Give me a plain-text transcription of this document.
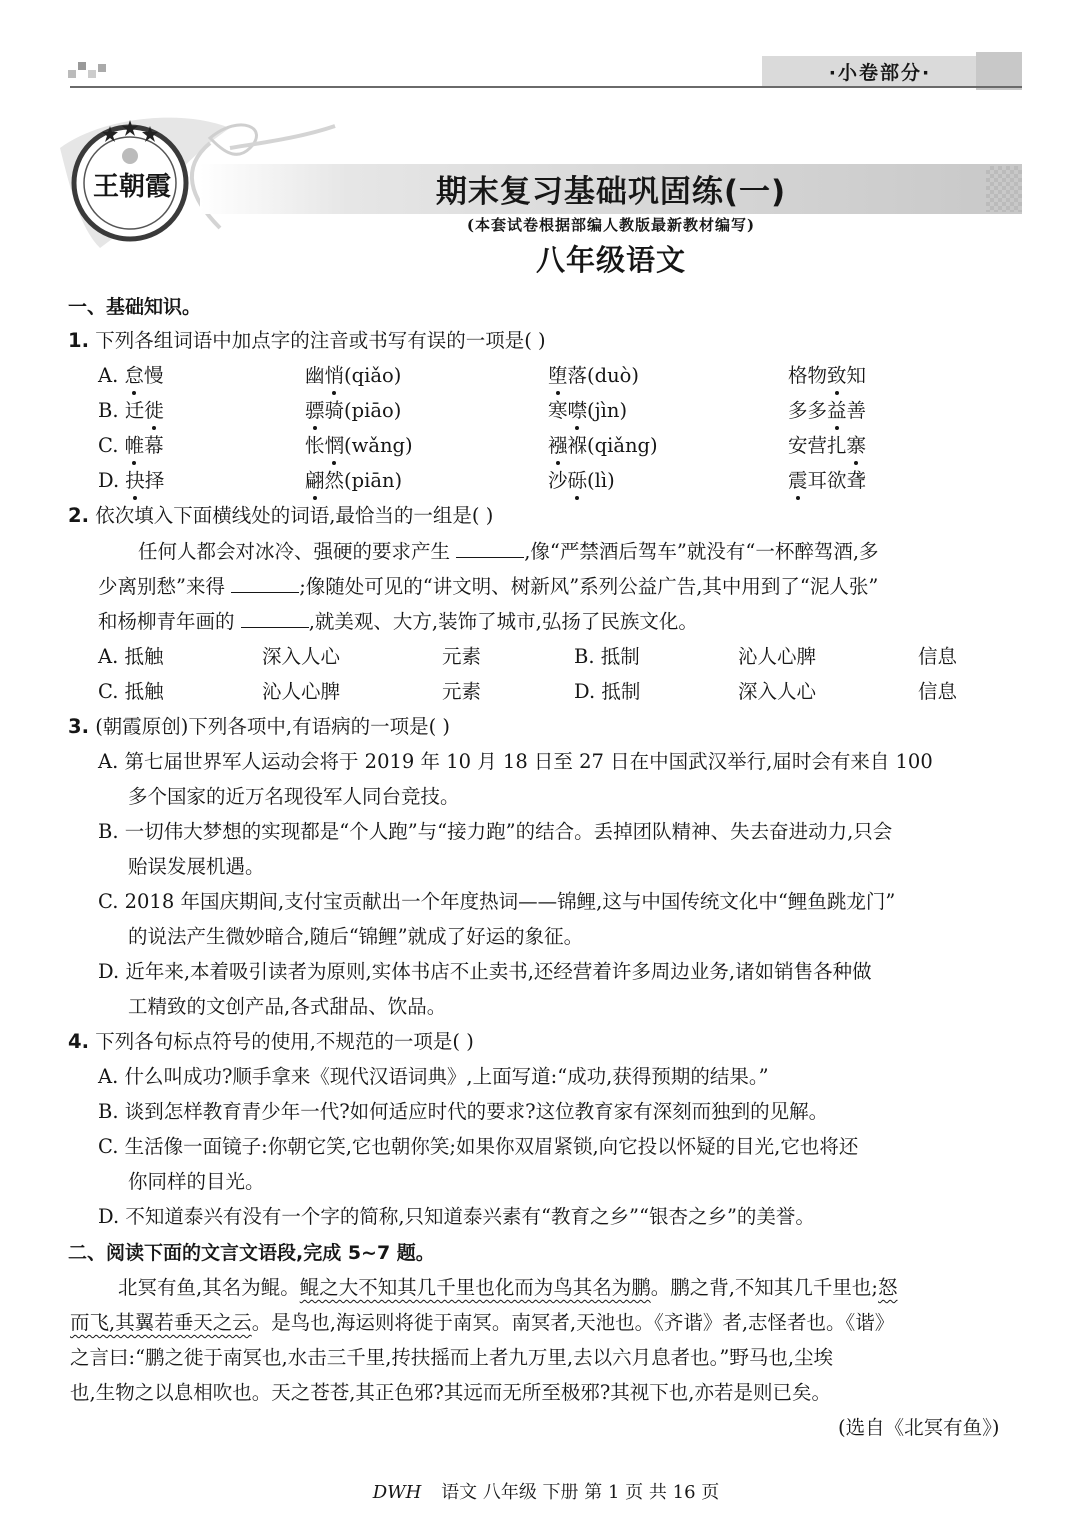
·小卷部分·
王朝霞	期末复习基础巩固练(一)
(本套试卷根据部编人教版最新教材编写)
八年级语文
一、基础知识。
1. 下列各组词语中加点字的注音或书写有误的一项是( )
A. 怠慢	幽悄(qiǎo)	堕落(duò)	格物致知
B. 迁徙	骠骑(piāo)	寒噤(jìn)	多多益善
C. 帷幕	怅惘(wǎng)	襁褓(qiǎng)	安营扎寨
D. 抉择	翩然(piān)	沙砾(lì)	震耳欲聋
2. 依次填入下面横线处的词语,最恰当的一组是( )
任何人都会对冰冷、强硬的要求产生	,像“严禁酒后驾车”就没有“一杯醉驾酒,多
少离别愁”来得	;像随处可见的“讲文明、树新风”系列公益广告,其中用到了“泥人张”
和杨柳青年画的	,就美观、大方,装饰了城市,弘扬了民族文化。
A. 抵触	深入人心	元素	B. 抵制	沁人心脾	信息
C. 抵触	沁人心脾	元素	D. 抵制	深入人心	信息
3. (朝霞原创)下列各项中,有语病的一项是( )
A. 第七届世界军人运动会将于 2019 年 10 月 18 日至 27 日在中国武汉举行,届时会有来自 100
多个国家的近万名现役军人同台竞技。
B. 一切伟大梦想的实现都是“个人跑”与“接力跑”的结合。丢掉团队精神、失去奋进动力,只会
贻误发展机遇。
C. 2018 年国庆期间,支付宝贡献出一个年度热词——锦鲤,这与中国传统文化中“鲤鱼跳龙门”
的说法产生微妙暗合,随后“锦鲤”就成了好运的象征。
D. 近年来,本着吸引读者为原则,实体书店不止卖书,还经营着许多周边业务,诸如销售各种做
工精致的文创产品,各式甜品、饮品。
4. 下列各句标点符号的使用,不规范的一项是( )
A. 什么叫成功?顺手拿来《现代汉语词典》,上面写道:“成功,获得预期的结果。”
B. 谈到怎样教育青少年一代?如何适应时代的要求?这位教育家有深刻而独到的见解。
C. 生活像一面镜子:你朝它笑,它也朝你笑;如果你双眉紧锁,向它投以怀疑的目光,它也将还
你同样的目光。
D. 不知道泰兴有没有一个字的简称,只知道泰兴素有“教育之乡”“银杏之乡”的美誉。
二、阅读下面的文言文语段,完成 5~7 题。
北冥有鱼,其名为鲲。鲲之大不知其几千里也化而为鸟其名为鹏。鹏之背,不知其几千里也;怒
而飞,其翼若垂天之云。是鸟也,海运则将徙于南冥。南冥者,天池也。《齐谐》者,志怪者也。《谐》
之言曰:“鹏之徙于南冥也,水击三千里,抟扶摇而上者九万里,去以六月息者也。”野马也,尘埃
也,生物之以息相吹也。天之苍苍,其正色邪?其远而无所至极邪?其视下也,亦若是则已矣。
(选自《北冥有鱼》)
DWH 语文 八年级 下册 第 1 页 共 16 页
